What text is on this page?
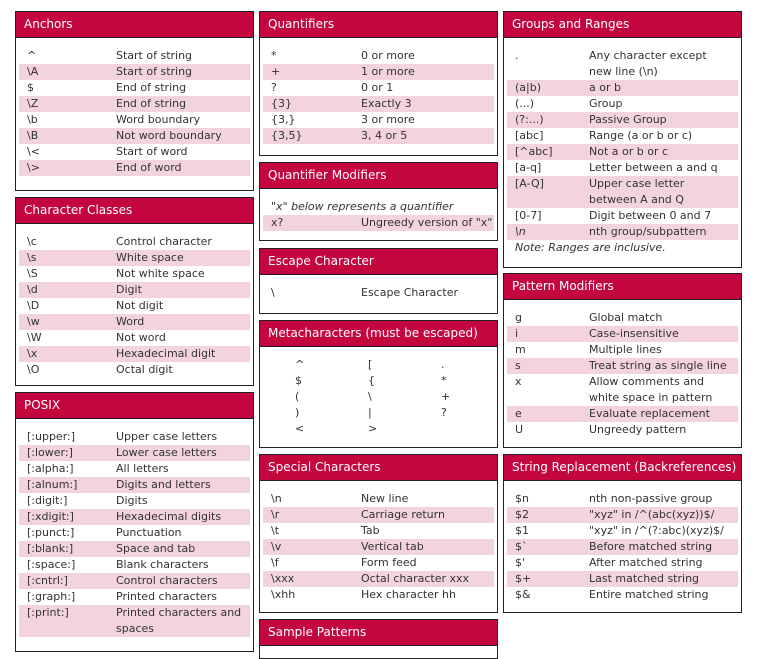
Anchors
^	Start of string
\A	Start of string
$	End of string
\Z	End of string
\b	Word boundary
\B	Not word boundary
\<	Start of word
\>	End of word
Character Classes
\c	Control character
\s	White space
\S	Not white space
\d	Digit
\D	Not digit
\w	Word
\W	Not word
\x	Hexadecimal digit
\O	Octal digit
POSIX
[:upper:]	Upper case letters
[:lower:]	Lower case letters
[:alpha:]	All letters
[:alnum:]	Digits and letters
[:digit:]	Digits
[:xdigit:]	Hexadecimal digits
[:punct:]	Punctuation
[:blank:]	Space and tab
[:space:]	Blank characters
[:cntrl:]	Control characters
[:graph:]	Printed characters
[:print:]	Printed characters and
spaces
Quantifiers
*	0 or more
+	1 or more
?	0 or 1
{3}	Exactly 3
{3,}	3 or more
{3,5}	3, 4 or 5
Quantifier Modifiers
"x" below represents a quantifier
x?	Ungreedy version of "x"
Escape Character
\	Escape Character
Metacharacters (must be escaped)
^	[	.
$	{	*
(	\	+
)	|	?
<	>
Special Characters
\n	New line
\r	Carriage return
\t	Tab
\v	Vertical tab
\f	Form feed
\xxx	Octal character xxx
\xhh	Hex character hh
Sample Patterns
Groups and Ranges
.	Any character except
new line (\n)
(a|b)	a or b
(...)	Group
(?:...)	Passive Group
[abc]	Range (a or b or c)
[^abc]	Not a or b or c
[a-q]	Letter between a and q
[A-Q]	Upper case letter
between A and Q
[0-7]	Digit between 0 and 7
\n	nth group/subpattern
Note: Ranges are inclusive.
Pattern Modifiers
g	Global match
i	Case-insensitive
m	Multiple lines
s	Treat string as single line
x	Allow comments and
white space in pattern
e	Evaluate replacement
U	Ungreedy pattern
String Replacement (Backreferences)
$n	nth non-passive group
$2	"xyz" in /^(abc(xyz))$/
$1	"xyz" in /^(?:abc)(xyz)$/
$`	Before matched string
$'	After matched string
$+	Last matched string
$&	Entire matched string
